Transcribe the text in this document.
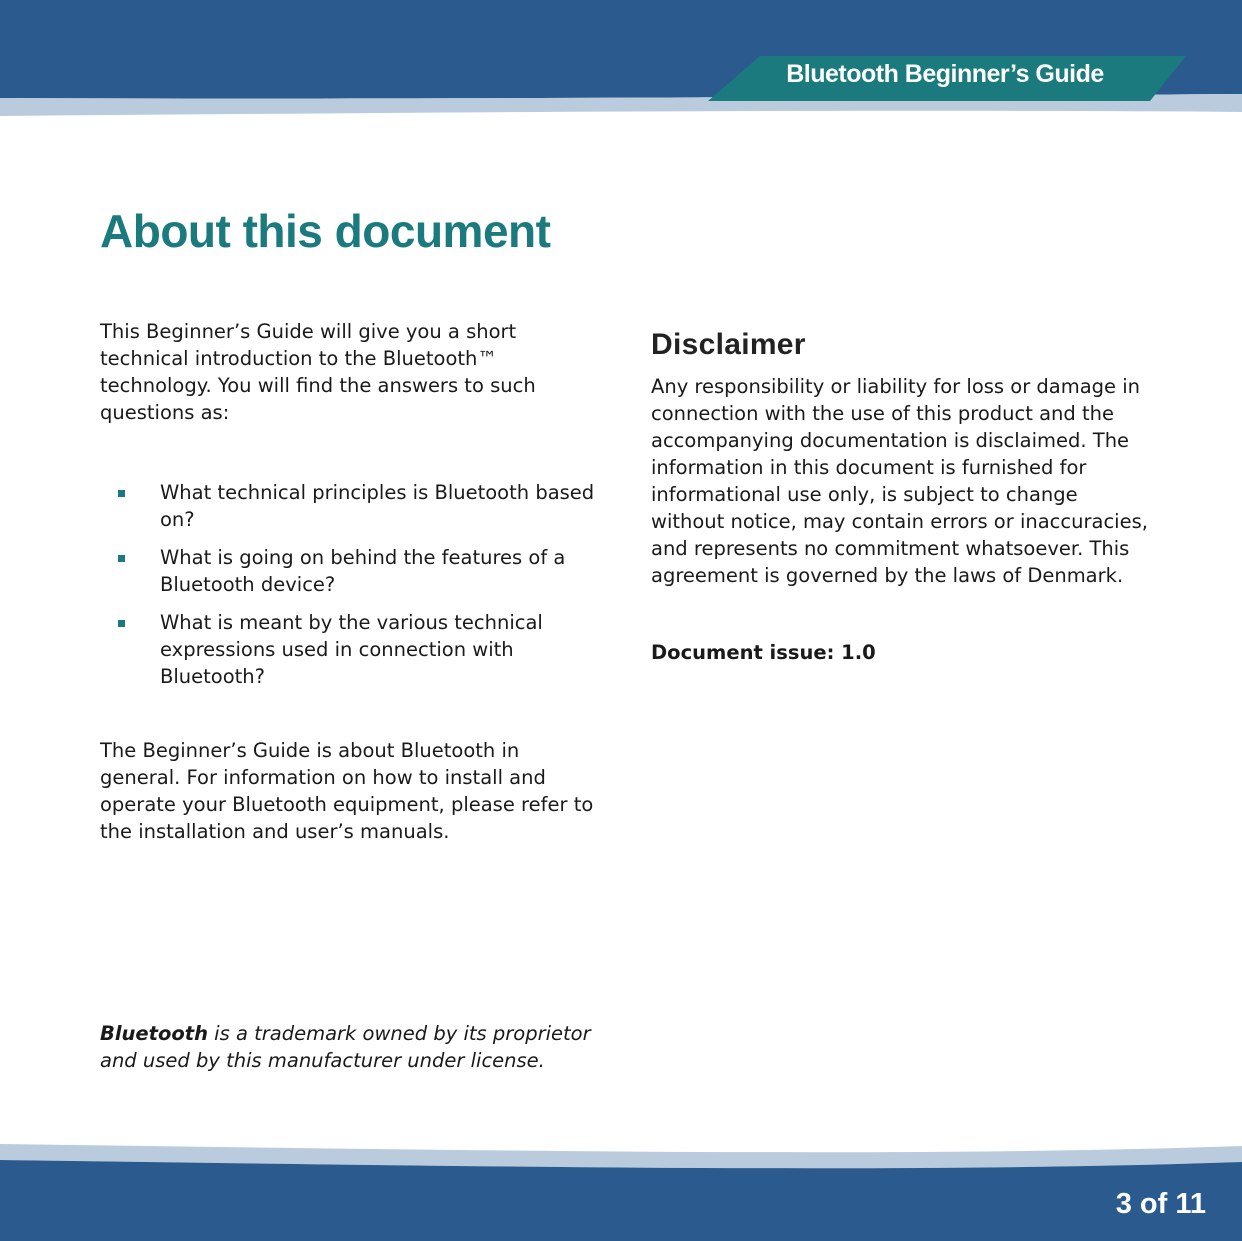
Bluetooth Beginner’s Guide
About this document

This Beginner’s Guide will give you a short technical introduction to the Bluetooth™ technology. You will find the answers to such questions as:

What technical principles is Bluetooth based on?
What is going on behind the features of a Bluetooth device?
What is meant by the various technical expressions used in connection with Bluetooth?

The Beginner’s Guide is about Bluetooth in general. For information on how to install and operate your Bluetooth equipment, please refer to the installation and user’s manuals.

Bluetooth is a trademark owned by its proprietor and used by this manufacturer under license.

Disclaimer

Any responsibility or liability for loss or damage in connection with the use of this product and the accompanying documentation is disclaimed. The information in this document is furnished for informational use only, is subject to change without notice, may contain errors or inaccuracies, and represents no commitment whatsoever. This agreement is governed by the laws of Denmark.

Document issue: 1.0

3 of 11
